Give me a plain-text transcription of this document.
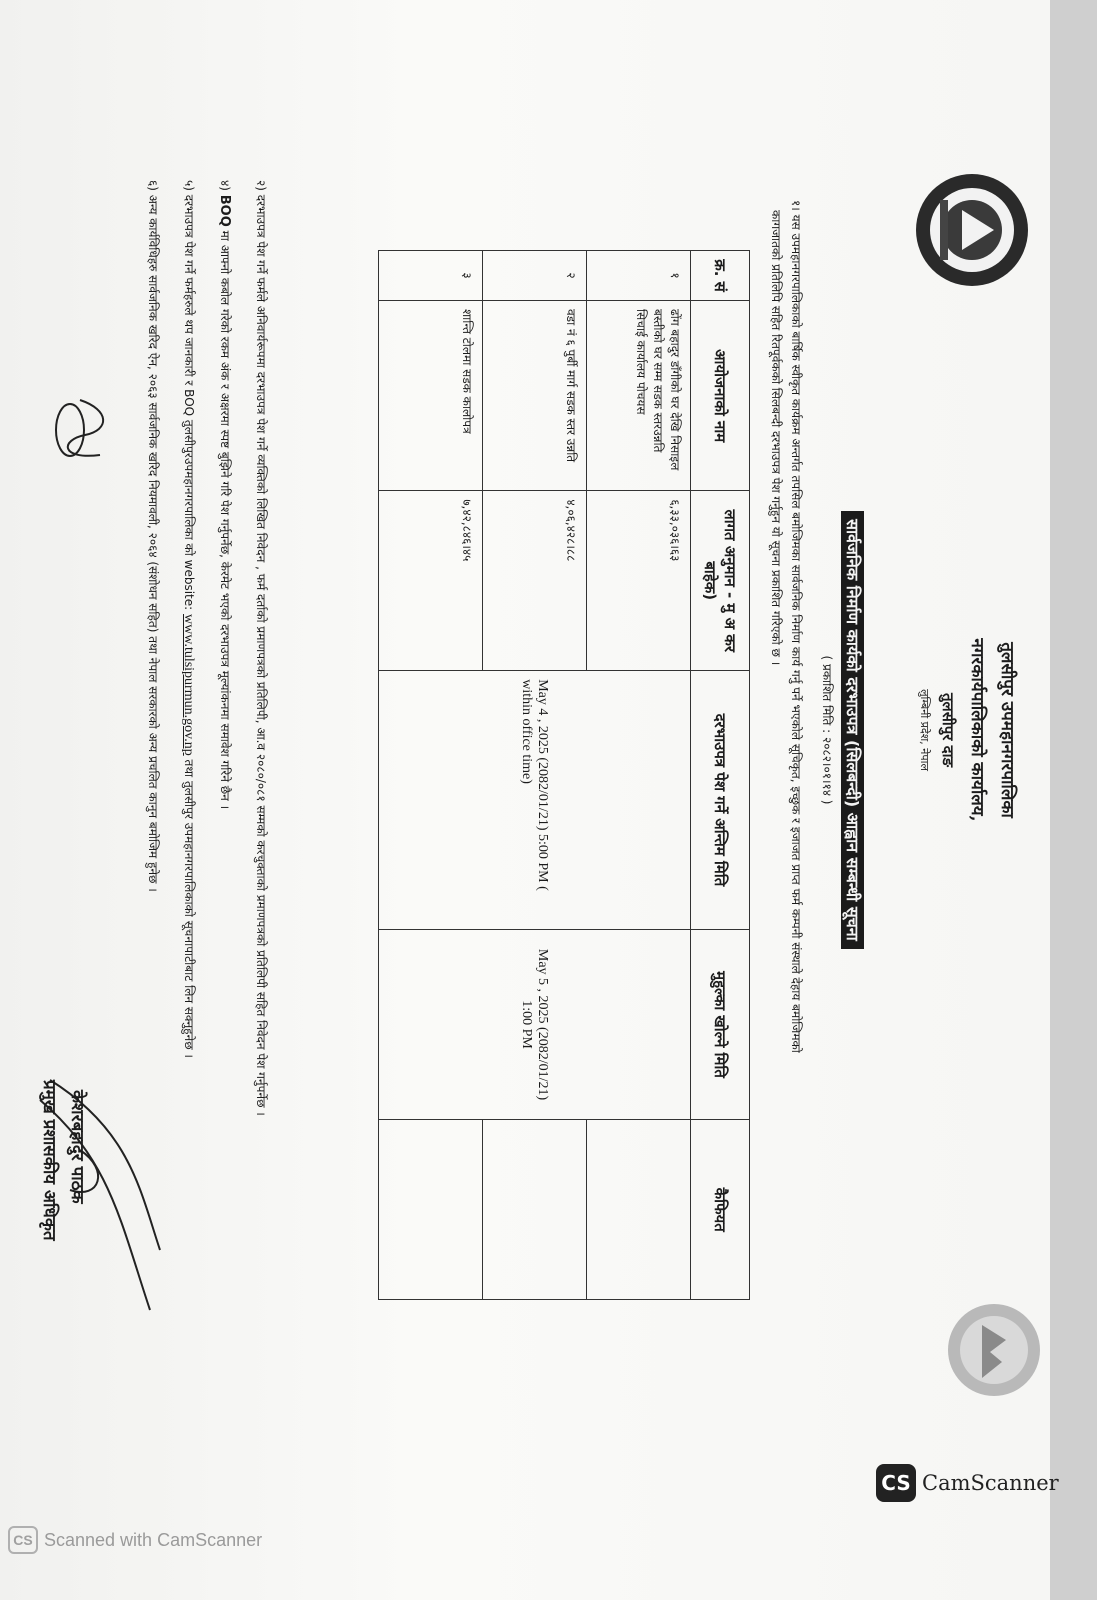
तुलसीपुर उपमहानगरपालिका
नगरकार्यपालिकाको कार्यालय,
तुलसीपुर दाङ
लुम्बिनी प्रदेश, नेपाल
सार्वजनिक निर्माण कार्यको दरभाउपत्र (सिलबन्दी) आह्वान सम्बन्धी सूचना
( प्रकाशित मिति : २०८२।०१।१४ )
१। यस उपमहानगरपालिकाको बार्षिक स्वीकृत कार्यक्रम अन्तर्गत तपसिल बमोजिमका सार्वजनिक निर्माण कार्य गर्नु पर्ने भएकोले सूचिकृत, इच्छुक र इजाजत प्राप्त फर्म कम्पनी संस्थाले देहाय बमोजिमको
कागजातको प्रतिलिपि सहित रितपूर्वकको सिलबन्दी दरभाउपत्र पेश गर्नुहुन यो सूचना प्रकाशित गरिएको छ ।
क्र. सं	आयोजनाको नाम	लागत अनुमान - मु अ कर बाहेक)	दरभाउपत्र पेश गर्ने अन्तिम मिति	मुहुल्का खोल्ने मिति	कैफियत
१	ढोंग बहादुर डाँगीको घर देखि निसाइल बस्तीको घर सम्म सडक स्तरउन्नति सिचाई कार्यालय पोचयस	६,३३,०३६।६३	May 4 , 2025 (2082/01/21) 5:00 PM ( within office time)	May 5 , 2025 (2082/01/21) 1:00 PM	
२	वडा नं ६ पुर्बी मार्ग सडक स्तर उन्नति	४,०६,४२८।८८			
३	शान्ति टोलमा सडक कालोपत्र	७,४२,८४६।४५			
२) दरभाउपत्र पेश गर्ने फर्मले अनिवार्यरूपमा दरभाउपत्र पेश गर्ने व्यक्तिको लिखित निवेदन , फर्म दर्ताको प्रमाणपत्रको प्रतिलिपी, आ.व २०८०/०८१ सम्मको करचुक्ताको प्रमाणपत्रको प्रतिलिपी सहित निवेदन पेश गर्नुपर्नेछ ।
४) BOQ मा आफ्नो कबोल गरेको रकम अंक र अक्षरमा स्पष्ट बुझिने गरि पेश गर्नुपर्नेछ, केरमेट भएको दरभाउपत्र मूल्यांकनमा समावेश गरिने छैन ।
५) दरभाउपत्र पेश गर्ने फर्महरुले थप जानकारी र BOQ तुलसीपुरउपमहानगरपालिका को website: www.tulsipurmun.gov.np तथा तुलसीपुर उपमहानगरपालिकाको सूचनापाटीबाट लिन सक्नुहुनेछ ।
६) अन्य कार्यविधिहरु सार्वजनिक खरिद ऐन, २०६३ सार्वजनिक खरिद नियमावली, २०६४ (संशोधन सहित) तथा नेपाल सरकारको अन्य प्रचलित कानुन बमोजिम हुनेछ ।
केशरबहादुर पाठक
प्रमुख प्रशासकीय अधिकृत
CS CamScanner
CS Scanned with CamScanner
